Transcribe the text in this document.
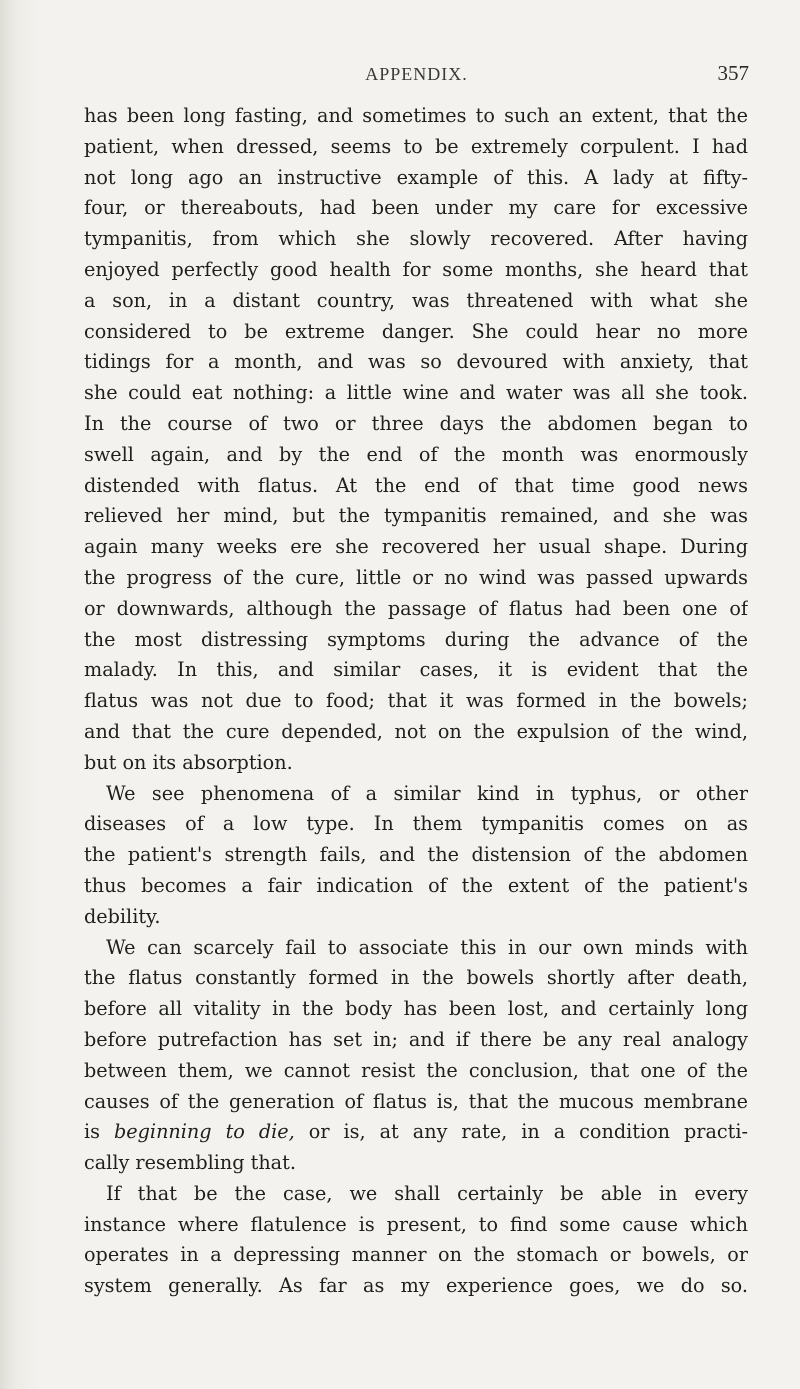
APPENDIX.	357
has been long fasting, and sometimes to such an extent, that the
patient, when dressed, seems to be extremely corpulent. I had
not long ago an instructive example of this. A lady at fifty-
four, or thereabouts, had been under my care for excessive
tympanitis, from which she slowly recovered. After having
enjoyed perfectly good health for some months, she heard that
a son, in a distant country, was threatened with what she
considered to be extreme danger. She could hear no more
tidings for a month, and was so devoured with anxiety, that
she could eat nothing: a little wine and water was all she took.
In the course of two or three days the abdomen began to
swell again, and by the end of the month was enormously
distended with flatus. At the end of that time good news
relieved her mind, but the tympanitis remained, and she was
again many weeks ere she recovered her usual shape. During
the progress of the cure, little or no wind was passed upwards
or downwards, although the passage of flatus had been one of
the most distressing symptoms during the advance of the
malady. In this, and similar cases, it is evident that the
flatus was not due to food; that it was formed in the bowels;
and that the cure depended, not on the expulsion of the wind,
but on its absorption.
We see phenomena of a similar kind in typhus, or other
diseases of a low type. In them tympanitis comes on as
the patient's strength fails, and the distension of the abdomen
thus becomes a fair indication of the extent of the patient's
debility.
We can scarcely fail to associate this in our own minds with
the flatus constantly formed in the bowels shortly after death,
before all vitality in the body has been lost, and certainly long
before putrefaction has set in; and if there be any real analogy
between them, we cannot resist the conclusion, that one of the
causes of the generation of flatus is, that the mucous membrane
is beginning to die, or is, at any rate, in a condition practi-
cally resembling that.
If that be the case, we shall certainly be able in every
instance where flatulence is present, to find some cause which
operates in a depressing manner on the stomach or bowels, or
system generally. As far as my experience goes, we do so.
